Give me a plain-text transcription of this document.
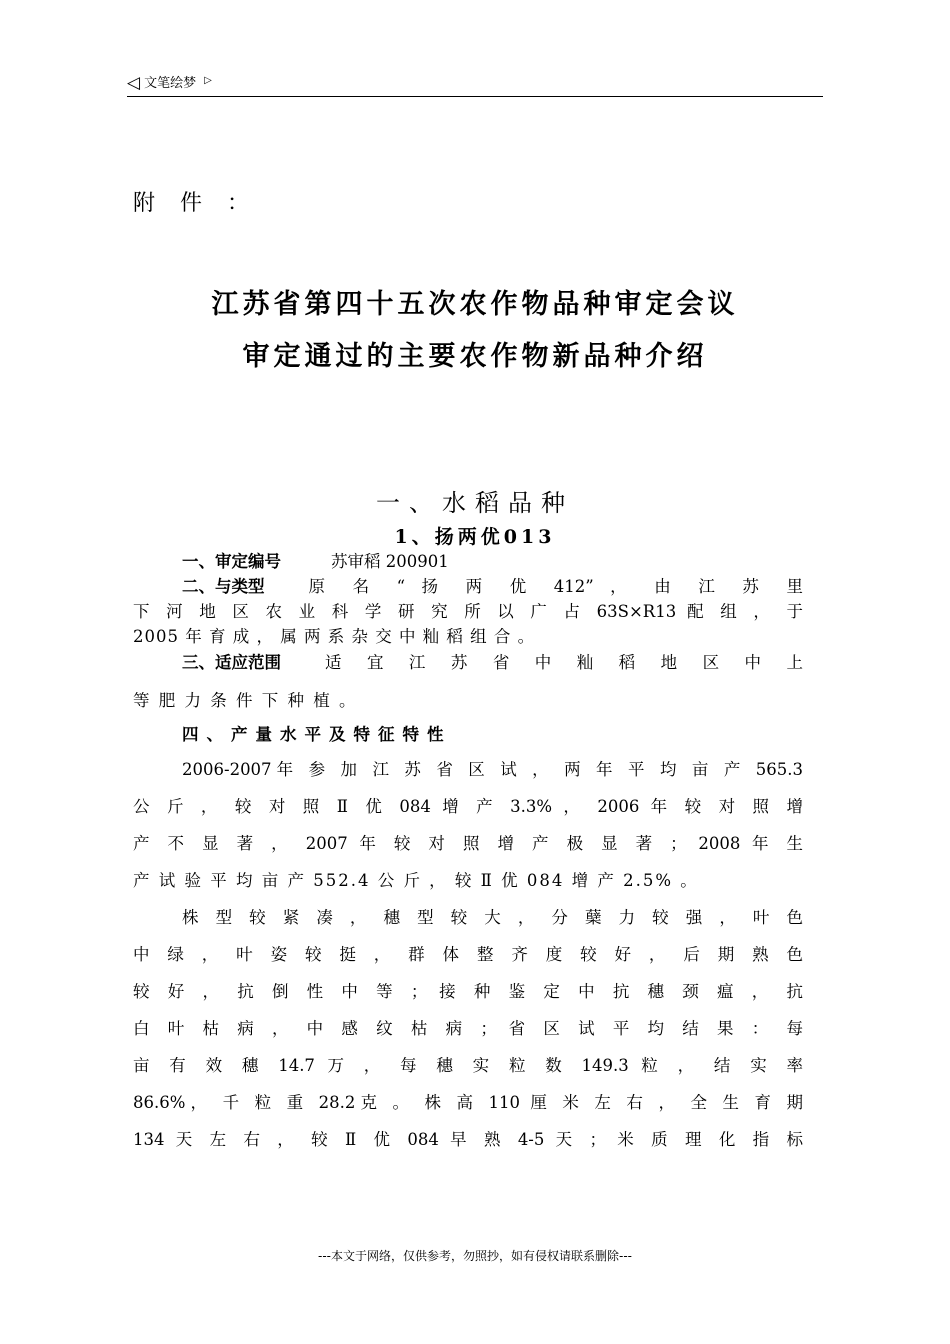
◁ 文笔绘梦 ▷
附 件 ：
江苏省第四十五次农作物品种审定会议
审定通过的主要农作物新品种介绍
一、水稻品种
1、扬两优013
一、审定编号	苏审稻 200901
二、与类型	原 名 “ 扬 两 优 412” ， 由 江 苏 里
下 河 地 区 农 业 科 学 研 究 所 以 广 占 63S×R13 配 组 ， 于
2005 年 育 成 ， 属 两 系 杂 交 中 籼 稻 组 合 。
三、适应范围	适 宜 江 苏 省 中 籼 稻 地 区 中 上
等 肥 力 条 件 下 种 植 。
四、产量水平及特征特性
2006-2007年 参 加 江 苏 省 区 试 ， 两 年 平 均 亩 产 565.3
公 斤 ， 较 对 照 Ⅱ 优 084 增 产 3.3% ， 2006 年 较 对 照 增
产 不 显 著 ， 2007 年 较 对 照 增 产 极 显 著 ； 2008 年 生
产 试 验 平 均 亩 产 552.4 公 斤 ， 较 Ⅱ 优 084 增 产 2.5% 。
株 型 较 紧 凑 ， 穗 型 较 大 ， 分 蘖 力 较 强 ， 叶 色
中 绿 ， 叶 姿 较 挺 ， 群 体 整 齐 度 较 好 ， 后 期 熟 色
较 好 ， 抗 倒 性 中 等 ； 接 种 鉴 定 中 抗 穗 颈 瘟 ， 抗
白 叶 枯 病 ， 中 感 纹 枯 病 ； 省 区 试 平 均 结 果 ： 每
亩 有 效 穗 14.7 万 ， 每 穗 实 粒 数 149.3 粒 ， 结 实 率
86.6%， 千 粒 重 28.2克 。 株 高 110 厘 米 左 右 ， 全 生 育 期
134 天 左 右 ， 较 Ⅱ 优 084 早 熟 4-5 天 ； 米 质 理 化 指 标
---本文于网络，仅供参考，勿照抄，如有侵权请联系删除---
